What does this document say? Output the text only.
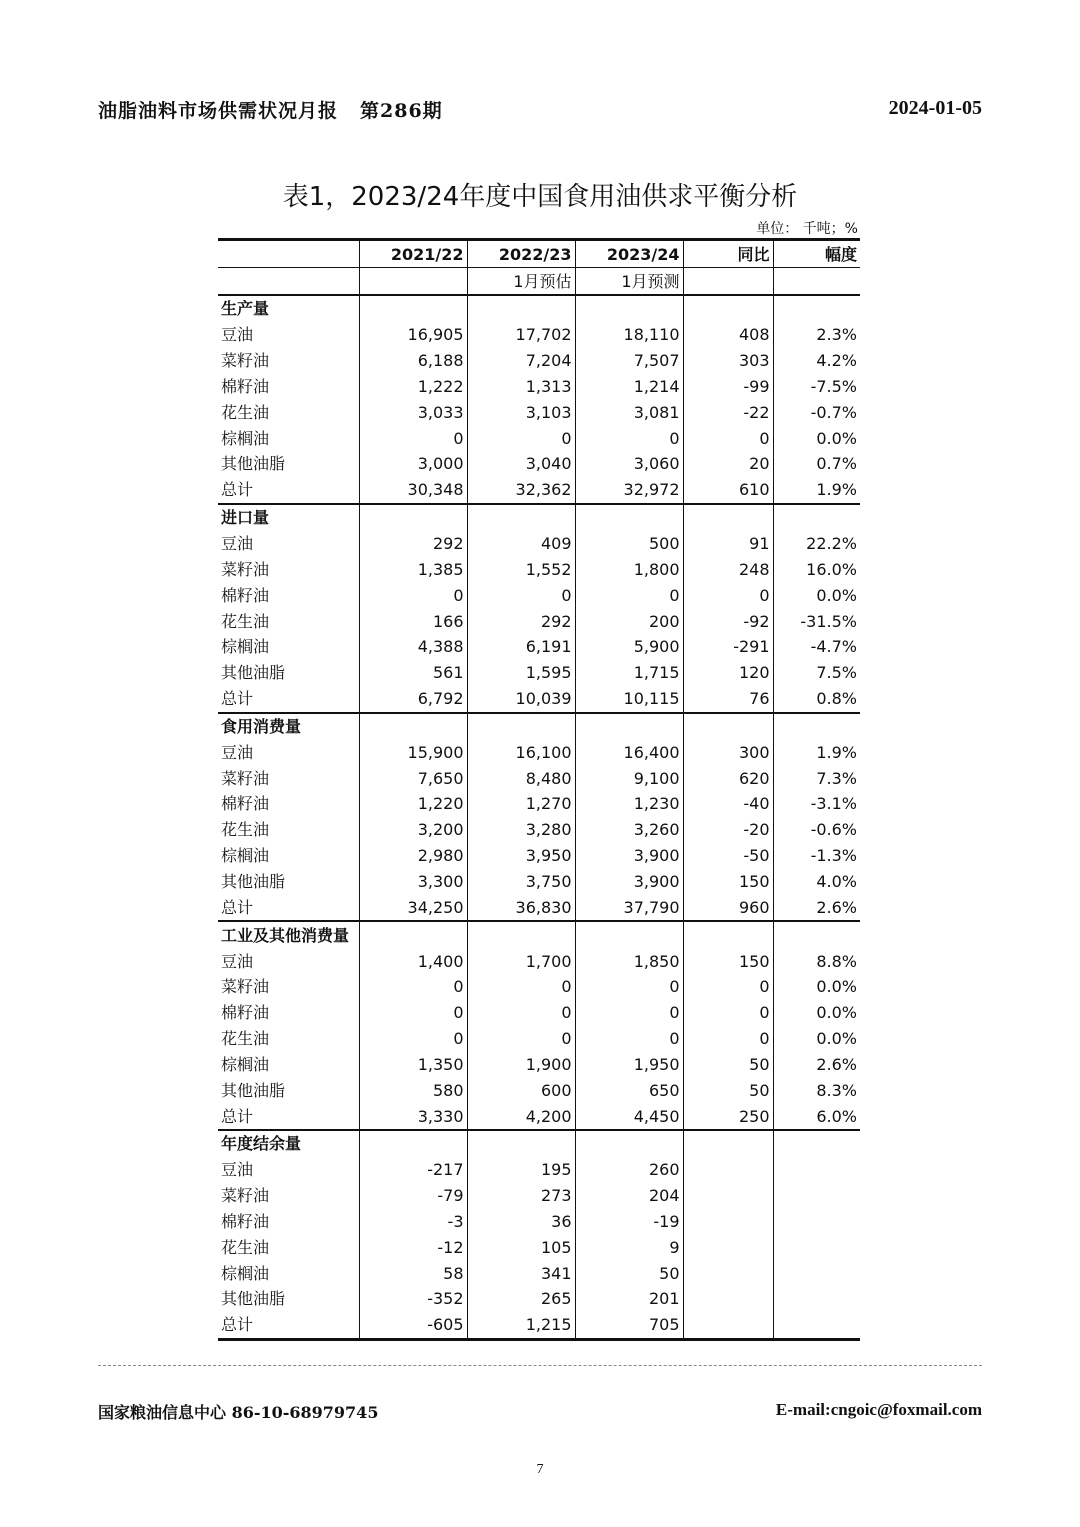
油脂油料市场供需状况月报 第286期	2024-01-05
表1，2023/24年度中国食用油供求平衡分析
单位： 千吨；%
	2021/22	2022/23	2023/24	同比	幅度
		1月预估	1月预测		
生产量					
豆油	16,905	17,702	18,110	408	2.3%
菜籽油	6,188	7,204	7,507	303	4.2%
棉籽油	1,222	1,313	1,214	-99	-7.5%
花生油	3,033	3,103	3,081	-22	-0.7%
棕榈油	0	0	0	0	0.0%
其他油脂	3,000	3,040	3,060	20	0.7%
总计	30,348	32,362	32,972	610	1.9%
进口量					
豆油	292	409	500	91	22.2%
菜籽油	1,385	1,552	1,800	248	16.0%
棉籽油	0	0	0	0	0.0%
花生油	166	292	200	-92	-31.5%
棕榈油	4,388	6,191	5,900	-291	-4.7%
其他油脂	561	1,595	1,715	120	7.5%
总计	6,792	10,039	10,115	76	0.8%
食用消费量					
豆油	15,900	16,100	16,400	300	1.9%
菜籽油	7,650	8,480	9,100	620	7.3%
棉籽油	1,220	1,270	1,230	-40	-3.1%
花生油	3,200	3,280	3,260	-20	-0.6%
棕榈油	2,980	3,950	3,900	-50	-1.3%
其他油脂	3,300	3,750	3,900	150	4.0%
总计	34,250	36,830	37,790	960	2.6%
工业及其他消费量					
豆油	1,400	1,700	1,850	150	8.8%
菜籽油	0	0	0	0	0.0%
棉籽油	0	0	0	0	0.0%
花生油	0	0	0	0	0.0%
棕榈油	1,350	1,900	1,950	50	2.6%
其他油脂	580	600	650	50	8.3%
总计	3,330	4,200	4,450	250	6.0%
年度结余量					
豆油	-217	195	260		
菜籽油	-79	273	204		
棉籽油	-3	36	-19		
花生油	-12	105	9		
棕榈油	58	341	50		
其他油脂	-352	265	201		
总计	-605	1,215	705		
国家粮油信息中心 86-10-68979745	E-mail:cngoic@foxmail.com
7
